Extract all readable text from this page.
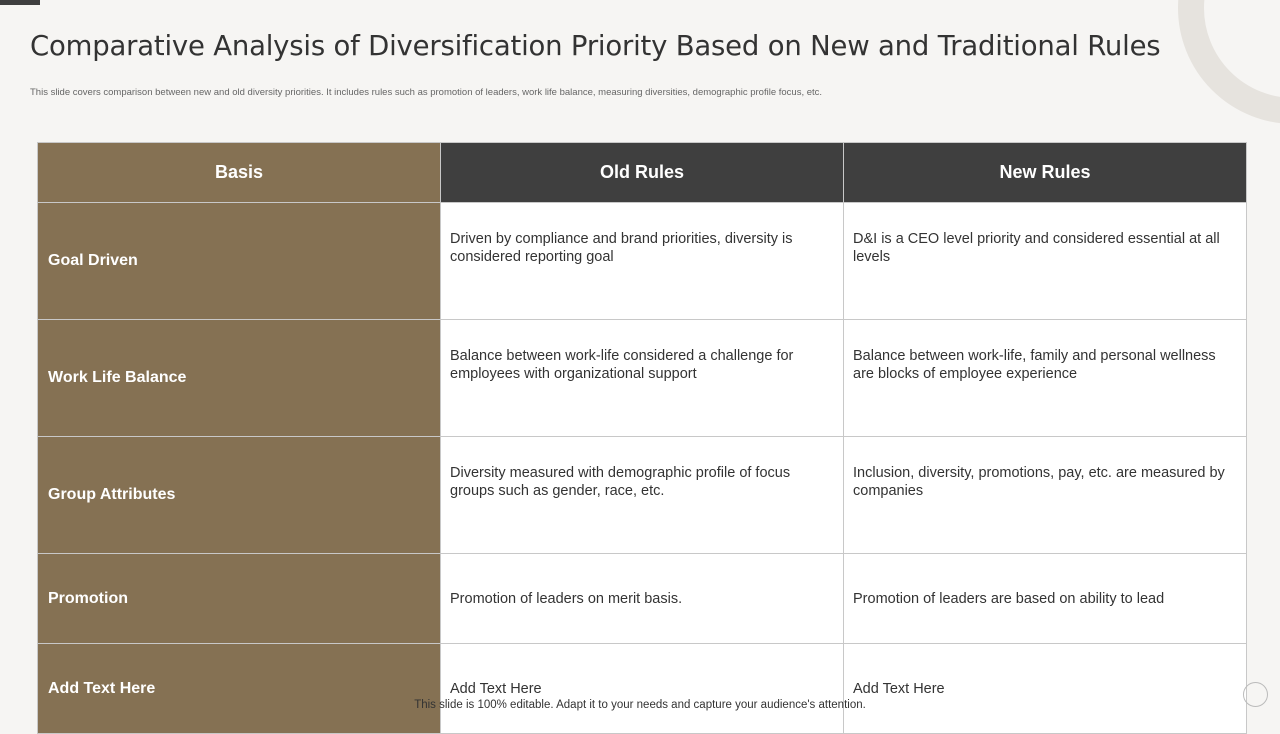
Comparative Analysis of Diversification Priority Based on New and Traditional Rules

This slide covers comparison between new and old diversity priorities. It includes rules such as promotion of leaders, work life balance, measuring diversities, demographic profile focus, etc.

Basis	Old Rules	New Rules
Goal Driven	Driven by compliance and brand priorities, diversity is considered reporting goal	D&I is a CEO level priority and considered essential at all levels
Work Life Balance	Balance between work-life considered a challenge for employees with organizational support	Balance between work-life, family and personal wellness are blocks of employee experience
Group Attributes	Diversity measured with demographic profile of focus groups such as gender, race, etc.	Inclusion, diversity, promotions, pay, etc. are measured by companies
Promotion	Promotion of leaders on merit basis.	Promotion of leaders are based on ability to lead
Add Text Here	Add Text Here	Add Text Here
This slide is 100% editable. Adapt it to your needs and capture your audience's attention.
